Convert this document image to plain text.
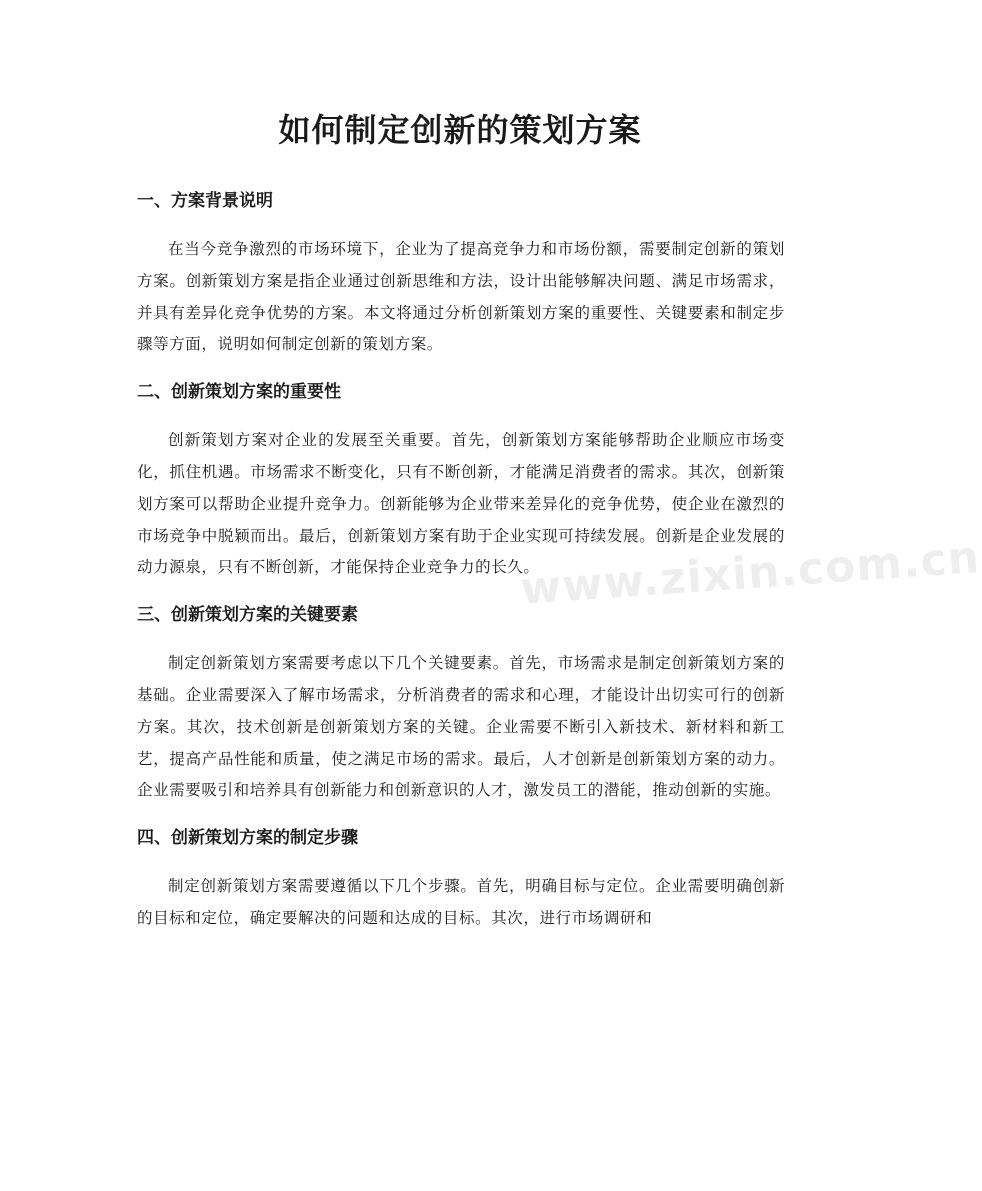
如何制定创新的策划方案
www.zixin.com.cn
一、方案背景说明

在当今竞争激烈的市场环境下，企业为了提高竞争力和市场份额，需要制定创新的策划方案。创新策划方案是指企业通过创新思维和方法，设计出能够解决问题、满足市场需求，并具有差异化竞争优势的方案。本文将通过分析创新策划方案的重要性、关键要素和制定步骤等方面，说明如何制定创新的策划方案。

二、创新策划方案的重要性

创新策划方案对企业的发展至关重要。首先，创新策划方案能够帮助企业顺应市场变化，抓住机遇。市场需求不断变化，只有不断创新，才能满足消费者的需求。其次，创新策划方案可以帮助企业提升竞争力。创新能够为企业带来差异化的竞争优势，使企业在激烈的市场竞争中脱颖而出。最后，创新策划方案有助于企业实现可持续发展。创新是企业发展的动力源泉，只有不断创新，才能保持企业竞争力的长久。

三、创新策划方案的关键要素

制定创新策划方案需要考虑以下几个关键要素。首先，市场需求是制定创新策划方案的基础。企业需要深入了解市场需求，分析消费者的需求和心理，才能设计出切实可行的创新方案。其次，技术创新是创新策划方案的关键。企业需要不断引入新技术、新材料和新工艺，提高产品性能和质量，使之满足市场的需求。最后，人才创新是创新策划方案的动力。企业需要吸引和培养具有创新能力和创新意识的人才，激发员工的潜能，推动创新的实施。

四、创新策划方案的制定步骤

制定创新策划方案需要遵循以下几个步骤。首先，明确目标与定位。企业需要明确创新的目标和定位，确定要解决的问题和达成的目标。其次，进行市场调研和
